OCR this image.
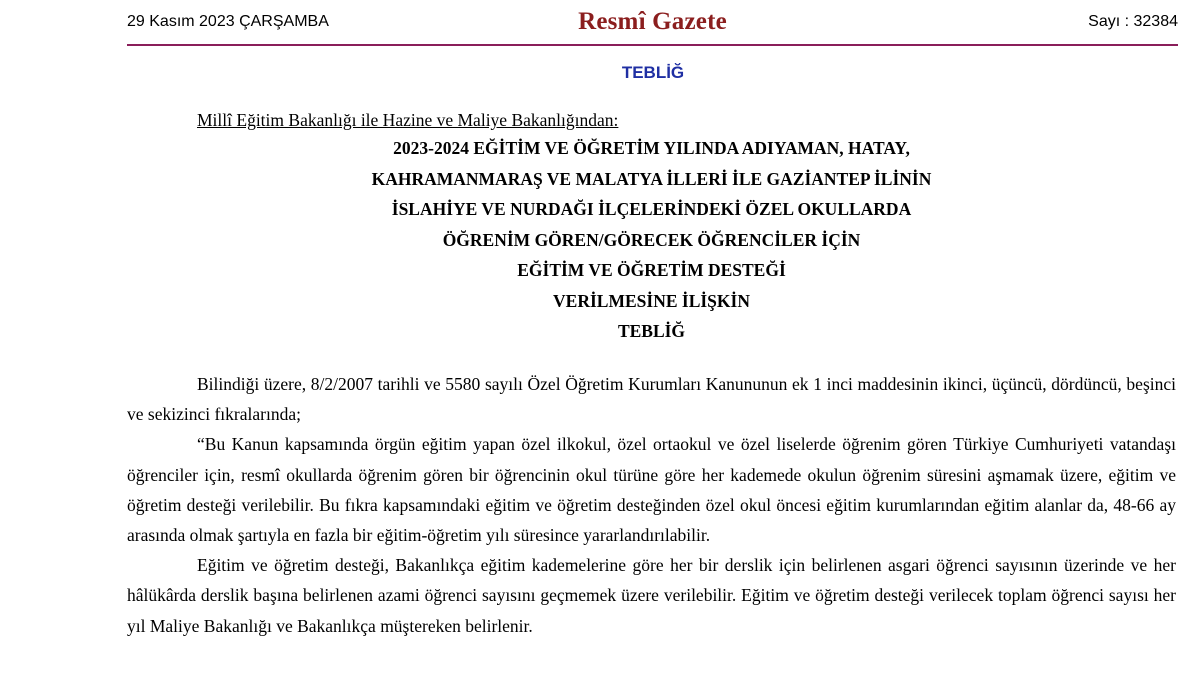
29 Kasım 2023 ÇARŞAMBA	Resmî Gazete	Sayı : 32384
TEBLİĞ
Millî Eğitim Bakanlığı ile Hazine ve Maliye Bakanlığından:
2023-2024 EĞİTİM VE ÖĞRETİM YILINDA ADIYAMAN, HATAY,
KAHRAMANMARAŞ VE MALATYA İLLERİ İLE GAZİANTEP İLİNİN
İSLAHİYE VE NURDAĞI İLÇELERİNDEKİ ÖZEL OKULLARDA
ÖĞRENİM GÖREN/GÖRECEK ÖĞRENCİLER İÇİN
EĞİTİM VE ÖĞRETİM DESTEĞİ
VERİLMESİNE İLİŞKİN
TEBLİĞ

Bilindiği üzere, 8/2/2007 tarihli ve 5580 sayılı Özel Öğretim Kurumları Kanununun ek 1 inci maddesinin ikinci, üçüncü, dördüncü, beşinci ve sekizinci fıkralarında;

“Bu Kanun kapsamında örgün eğitim yapan özel ilkokul, özel ortaokul ve özel liselerde öğrenim gören Türkiye Cumhuriyeti vatandaşı öğrenciler için, resmî okullarda öğrenim gören bir öğrencinin okul türüne göre her kademede okulun öğrenim süresini aşmamak üzere, eğitim ve öğretim desteği verilebilir. Bu fıkra kapsamındaki eğitim ve öğretim desteğinden özel okul öncesi eğitim kurumlarından eğitim alanlar da, 48-66 ay arasında olmak şartıyla en fazla bir eğitim-öğretim yılı süresince yararlandırılabilir.

Eğitim ve öğretim desteği, Bakanlıkça eğitim kademelerine göre her bir derslik için belirlenen asgari öğrenci sayısının üzerinde ve her hâlükârda derslik başına belirlenen azami öğrenci sayısını geçmemek üzere verilebilir. Eğitim ve öğretim desteği verilecek toplam öğrenci sayısı her yıl Maliye Bakanlığı ve Bakanlıkça müştereken belirlenir.
